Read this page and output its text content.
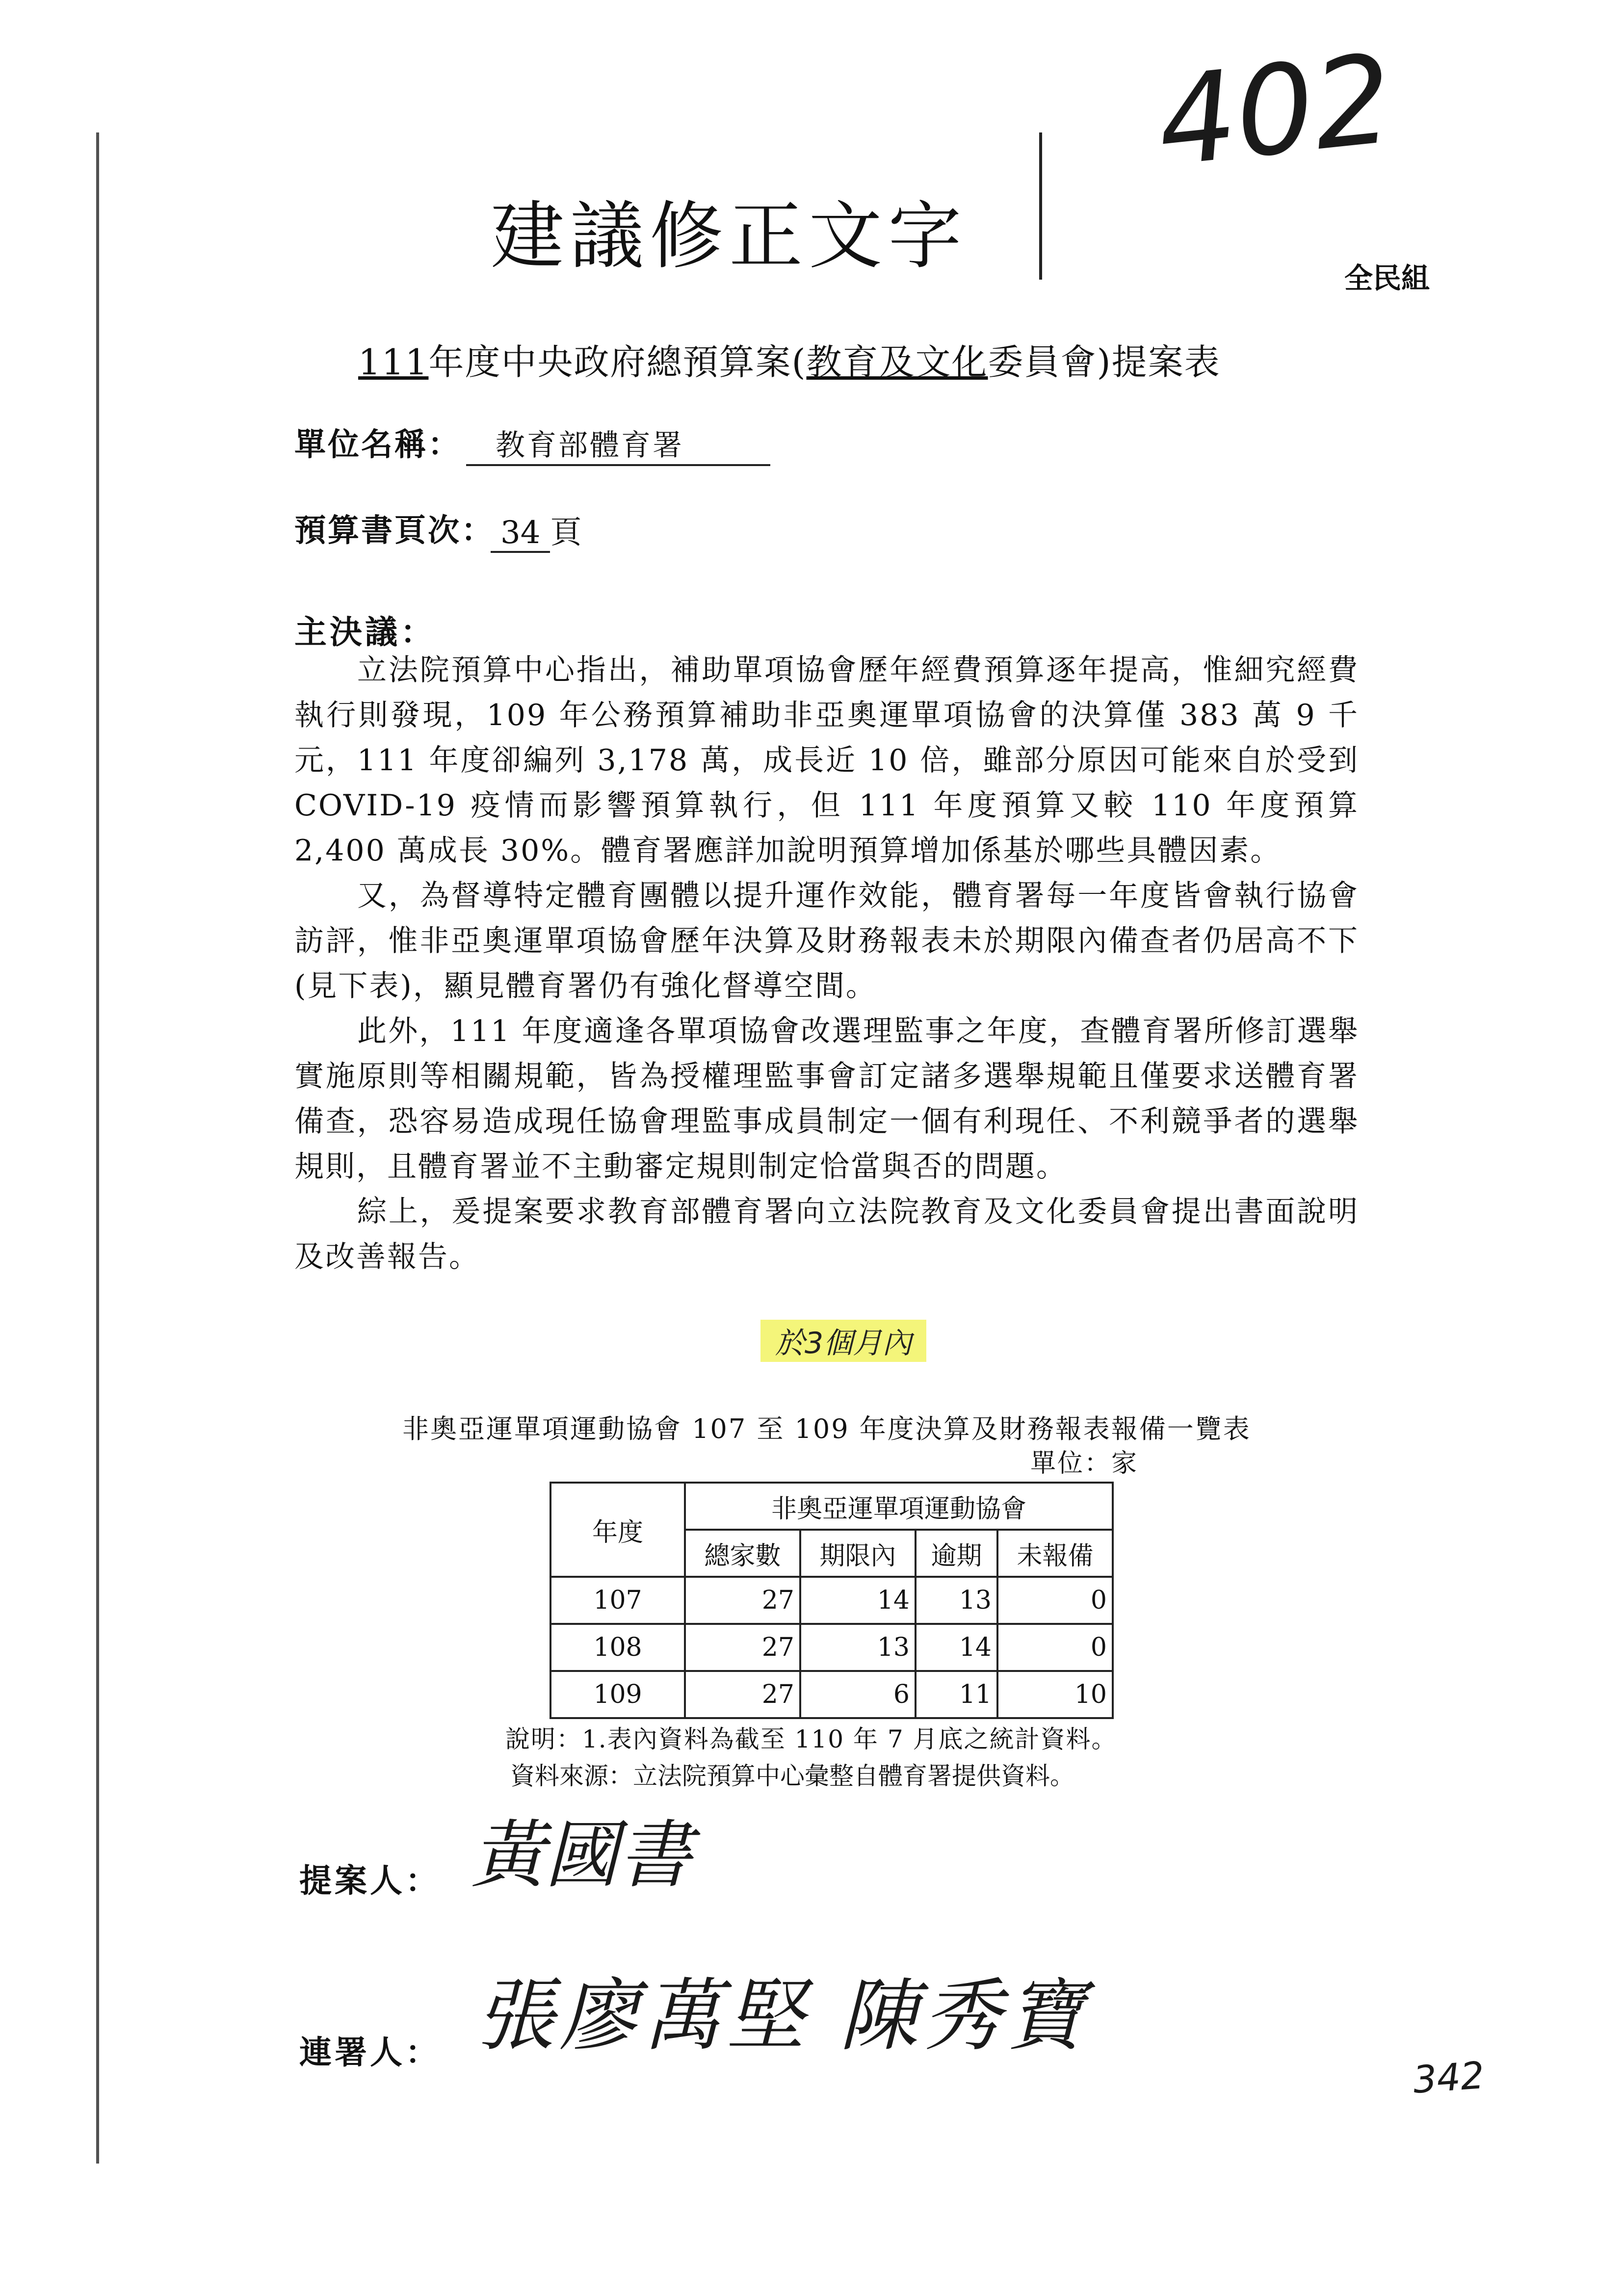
建議修正文字
402
全民組
111年度中央政府總預算案(教育及文化委員會)提案表
單位名稱：	教育部體育署
預算書頁次： 34 頁
主決議：

立法院預算中心指出，補助單項協會歷年經費預算逐年提高，惟細究經費執行則發現，109 年公務預算補助非亞奧運單項協會的決算僅 383 萬 9 千元，111 年度卻編列 3,178 萬，成長近 10 倍，雖部分原因可能來自於受到 COVID-19 疫情而影響預算執行，但 111 年度預算又較 110 年度預算 2,400 萬成長 30%。體育署應詳加說明預算增加係基於哪些具體因素。

又，為督導特定體育團體以提升運作效能，體育署每一年度皆會執行協會訪評，惟非亞奧運單項協會歷年決算及財務報表未於期限內備查者仍居高不下(見下表)，顯見體育署仍有強化督導空間。

此外，111 年度適逢各單項協會改選理監事之年度，查體育署所修訂選舉實施原則等相關規範，皆為授權理監事會訂定諸多選舉規範且僅要求送體育署備查，恐容易造成現任協會理監事成員制定一個有利現任、不利競爭者的選舉規則，且體育署並不主動審定規則制定恰當與否的問題。

綜上，爰提案要求教育部體育署向立法院教育及文化委員會提出書面說明及改善報告。

於3個月內
非奧亞運單項運動協會 107 至 109 年度決算及財務報表報備一覽表
單位：家
年度	非奧亞運單項運動協會			
	總家數	期限內	逾期	未報備
107	27	14	13	0
108	27	13	14	0
109	27	6	11	10
說明：1.表內資料為截至 110 年 7 月底之統計資料。
資料來源：立法院預算中心彙整自體育署提供資料。
提案人： 黃國書
連署人： 張廖萬堅 陳秀寶
342
